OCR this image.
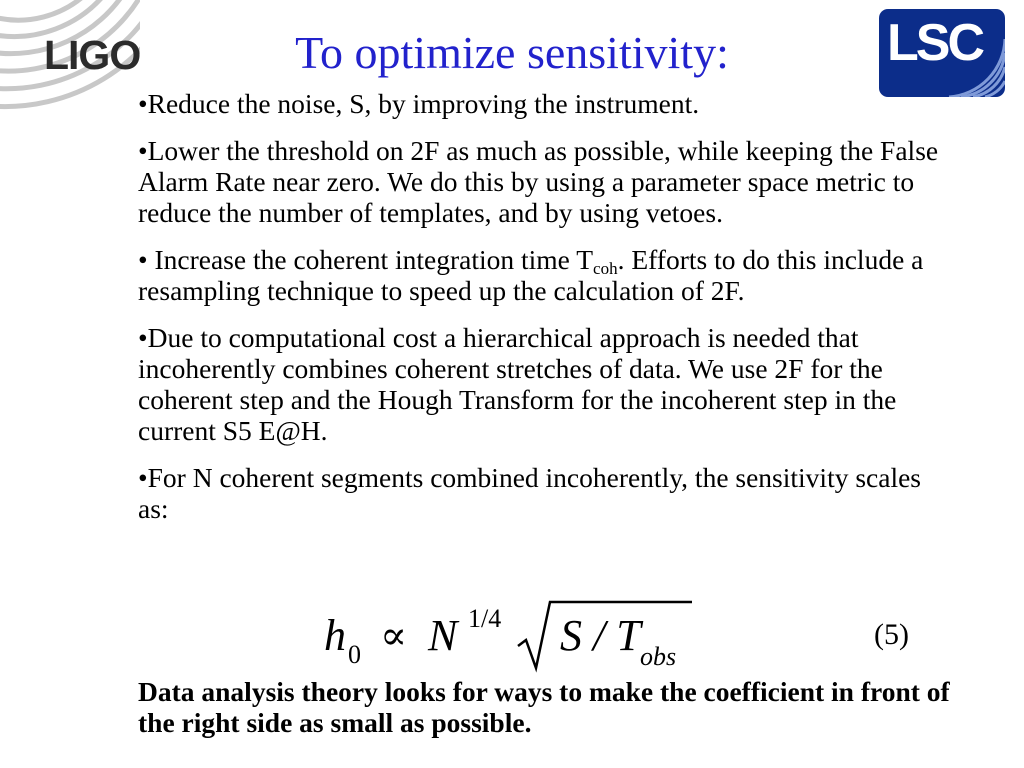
LIGO	LSC
To optimize sensitivity:

•Reduce the noise, S, by improving the instrument.

•Lower the threshold on 2F as much as possible, while keeping the False Alarm Rate near zero. We do this by using a parameter space metric to reduce the number of templates, and by using vetoes.

• Increase the coherent integration time $T_{coh}$. Efforts to do this include a resampling technique to speed up the calculation of 2F.

•Due to computational cost a hierarchical approach is needed that incoherently combines coherent stretches of data. We use 2F for the coherent step and the Hough Transform for the incoherent step in the current S5 E@H.

•For N coherent segments combined incoherently, the sensitivity scales as:

h 0 ∝ N 1/4 S / T obs
(5)

Data analysis theory looks for ways to make the coefficient in front of the right side as small as possible.
